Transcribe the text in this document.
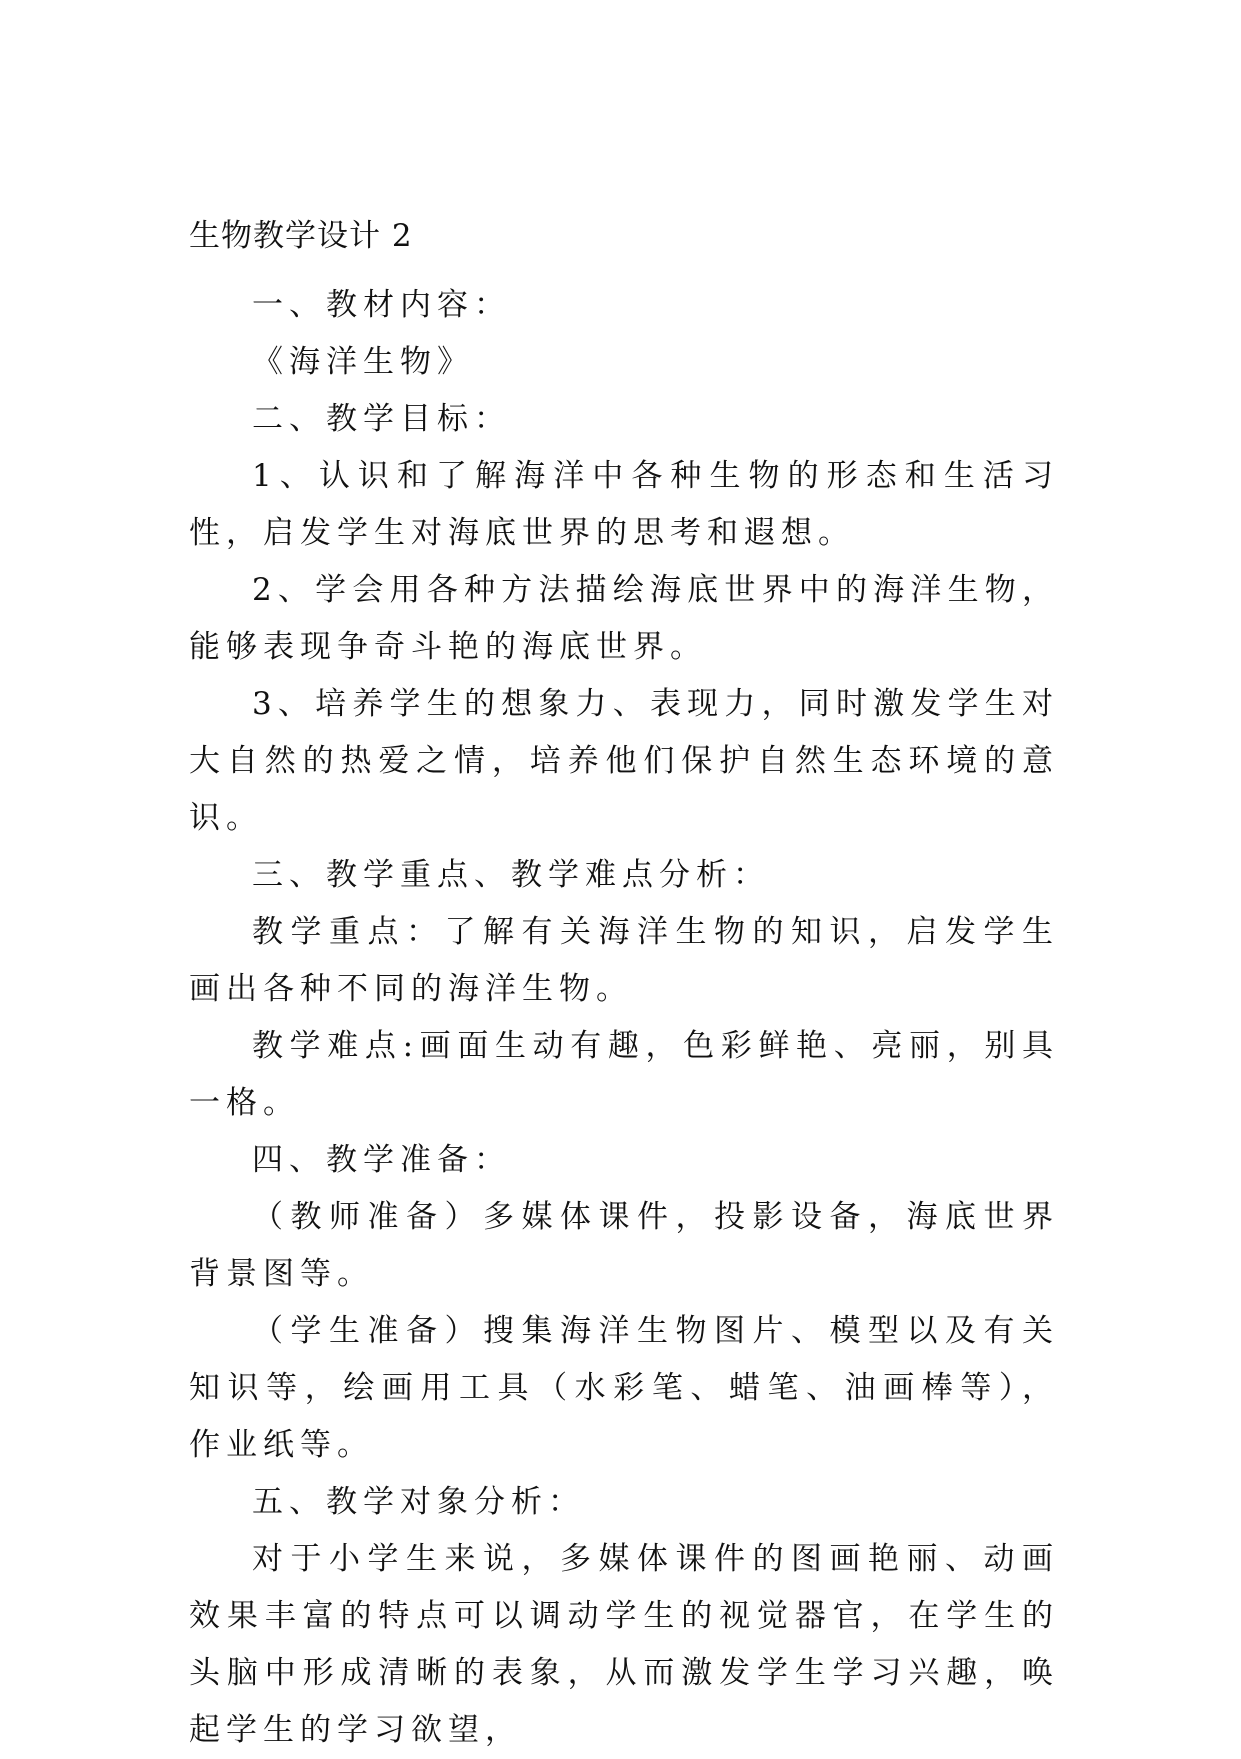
生物教学设计 2

一、教材内容：

《海洋生物》

二、教学目标：

1、认识和了解海洋中各种生物的形态和生活习性，启发学生对海底世界的思考和遐想。

2、学会用各种方法描绘海底世界中的海洋生物，能够表现争奇斗艳的海底世界。

3、培养学生的想象力、表现力，同时激发学生对大自然的热爱之情，培养他们保护自然生态环境的意识。

三、教学重点、教学难点分析：

教学重点：了解有关海洋生物的知识，启发学生画出各种不同的海洋生物。

教学难点:画面生动有趣，色彩鲜艳、亮丽，别具一格。

四、教学准备：

（教师准备）多媒体课件，投影设备，海底世界背景图等。

（学生准备）搜集海洋生物图片、模型以及有关知识等，绘画用工具（水彩笔、蜡笔、油画棒等），作业纸等。

五、教学对象分析：

对于小学生来说，多媒体课件的图画艳丽、动画效果丰富的特点可以调动学生的视觉器官，在学生的头脑中形成清晰的表象，从而激发学生学习兴趣，唤起学生的学习欲望，
